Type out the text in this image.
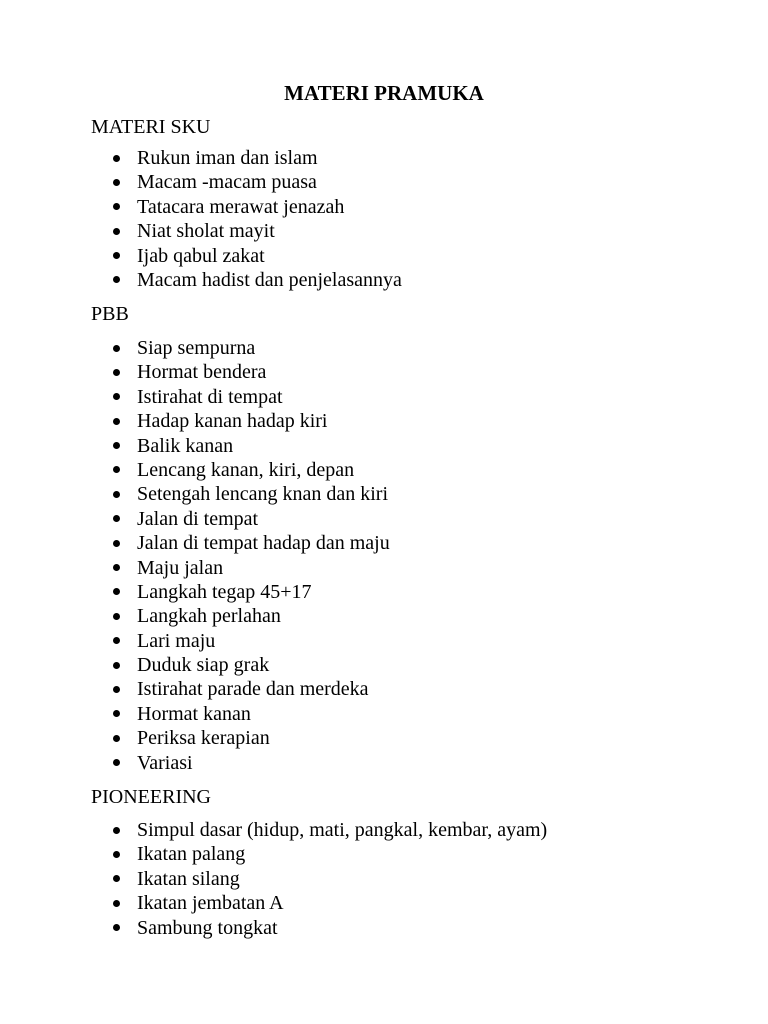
MATERI PRAMUKA
MATERI SKU
Rukun iman dan islam
Macam -macam puasa
Tatacara merawat jenazah
Niat sholat mayit
Ijab qabul zakat
Macam hadist dan penjelasannya
PBB
Siap sempurna
Hormat bendera
Istirahat di tempat
Hadap kanan hadap kiri
Balik kanan
Lencang kanan, kiri, depan
Setengah lencang knan dan kiri
Jalan di tempat
Jalan di tempat hadap dan maju
Maju jalan
Langkah tegap 45+17
Langkah perlahan
Lari maju
Duduk siap grak
Istirahat parade dan merdeka
Hormat kanan
Periksa kerapian
Variasi
PIONEERING
Simpul dasar (hidup, mati, pangkal, kembar, ayam)
Ikatan palang
Ikatan silang
Ikatan jembatan A
Sambung tongkat
